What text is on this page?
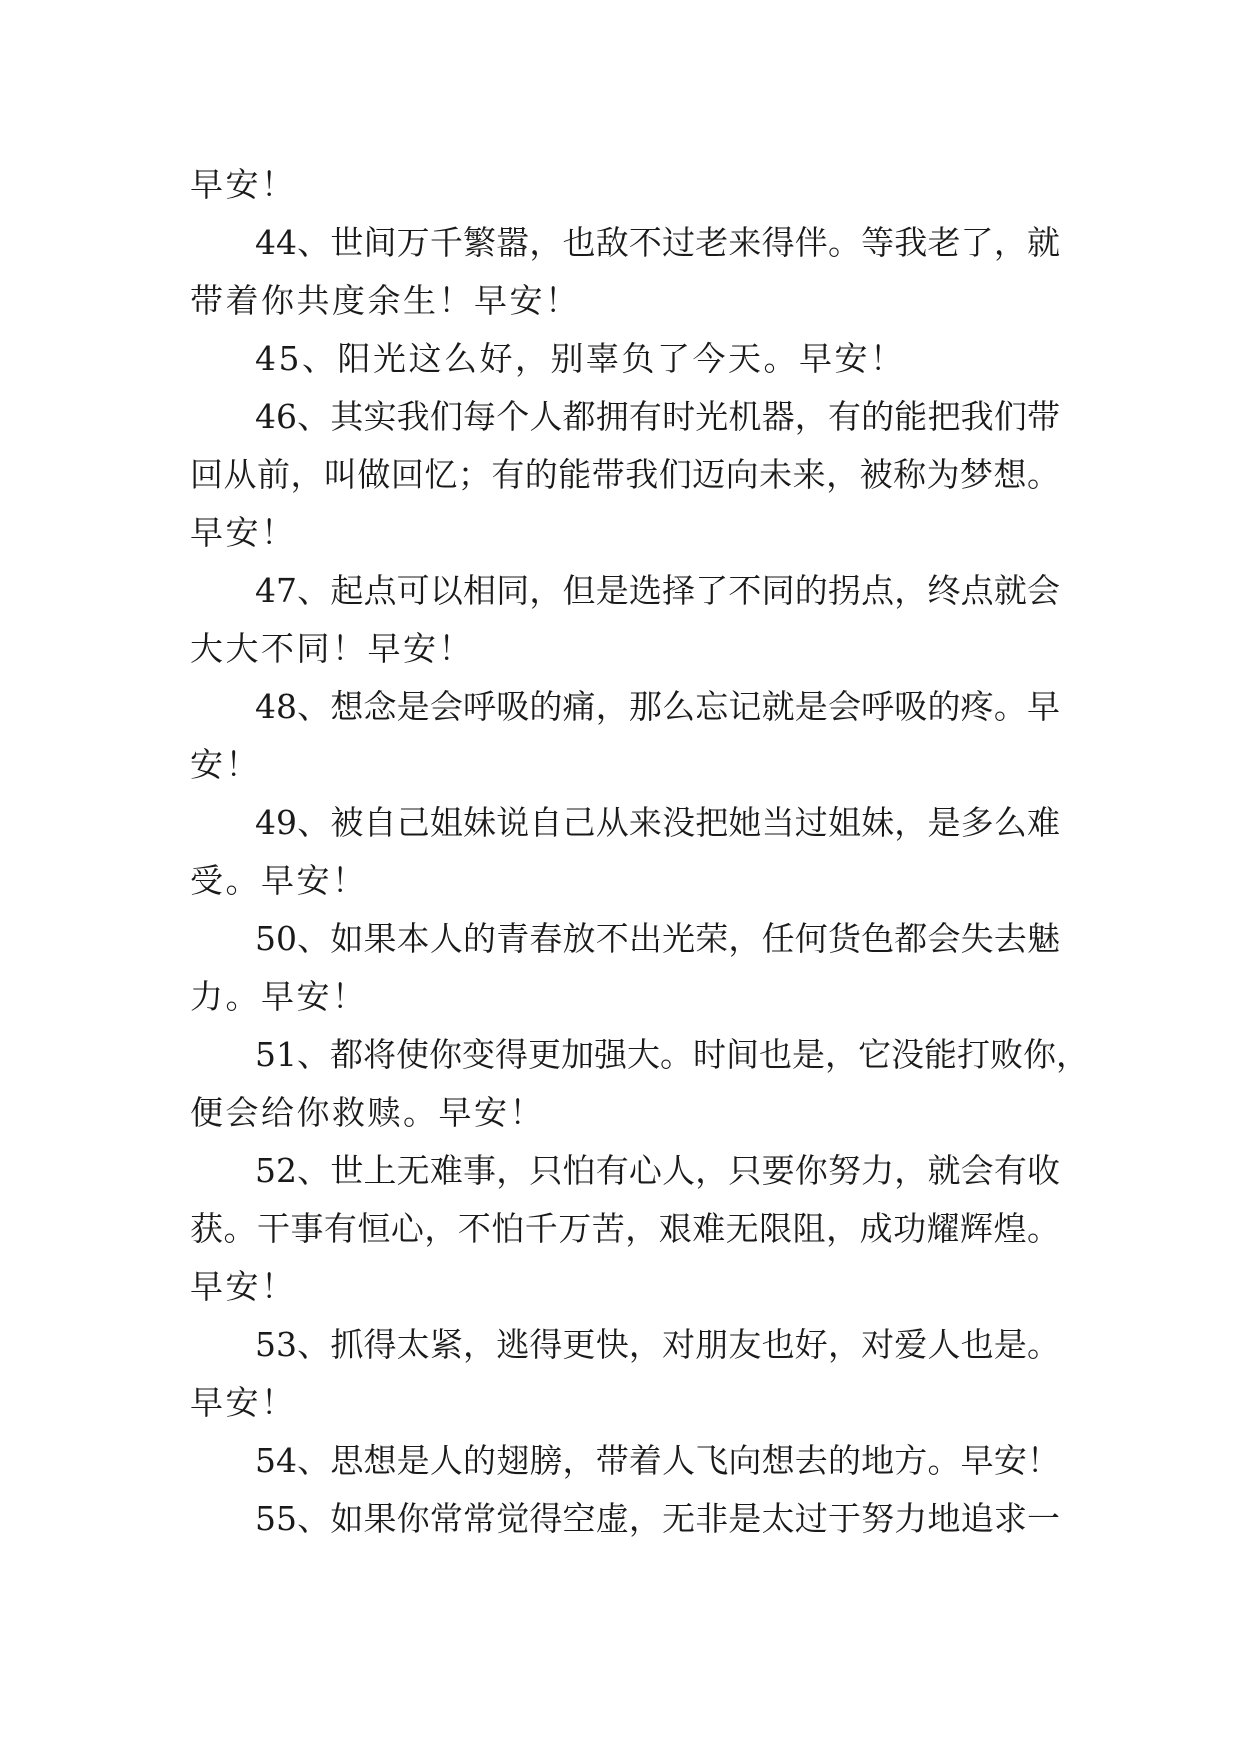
早安！
44、世间万千繁嚣，也敌不过老来得伴。等我老了，就
带着你共度余生！早安！
45、阳光这么好，别辜负了今天。早安！
46、其实我们每个人都拥有时光机器，有的能把我们带
回从前，叫做回忆；有的能带我们迈向未来，被称为梦想。
早安！
47、起点可以相同，但是选择了不同的拐点，终点就会
大大不同！早安！
48、想念是会呼吸的痛，那么忘记就是会呼吸的疼。早
安！
49、被自己姐妹说自己从来没把她当过姐妹，是多么难
受。早安！
50、如果本人的青春放不出光荣，任何货色都会失去魅
力。早安！
51、都将使你变得更加强大。时间也是，它没能打败你，
便会给你救赎。早安！
52、世上无难事，只怕有心人，只要你努力，就会有收
获。干事有恒心，不怕千万苦，艰难无限阻，成功耀辉煌。
早安！
53、抓得太紧，逃得更快，对朋友也好，对爱人也是。
早安！
54、思想是人的翅膀，带着人飞向想去的地方。早安！
55、如果你常常觉得空虚，无非是太过于努力地追求一
